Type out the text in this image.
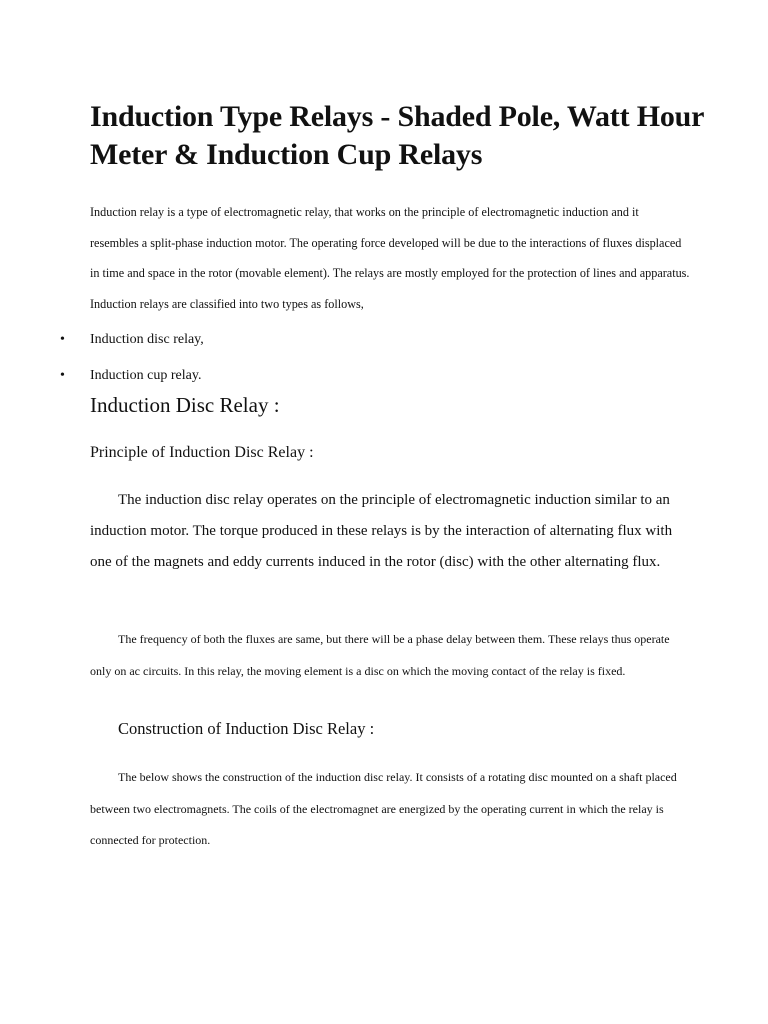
Induction Type Relays - Shaded Pole, Watt Hour Meter & Induction Cup Relays

Induction relay is a type of electromagnetic relay, that works on the principle of electromagnetic induction and it resembles a split-phase induction motor. The operating force developed will be due to the interactions of fluxes displaced in time and space in the rotor (movable element). The relays are mostly employed for the protection of lines and apparatus. Induction relays are classified into two types as follows,

• Induction disc relay,
• Induction cup relay.
Induction Disc Relay :
Principle of Induction Disc Relay :

The induction disc relay operates on the principle of electromagnetic induction similar to an induction motor. The torque produced in these relays is by the interaction of alternating flux with one of the magnets and eddy currents induced in the rotor (disc) with the other alternating flux.

The frequency of both the fluxes are same, but there will be a phase delay between them. These relays thus operate only on ac circuits. In this relay, the moving element is a disc on which the moving contact of the relay is fixed.

Construction of Induction Disc Relay :

The below shows the construction of the induction disc relay. It consists of a rotating disc mounted on a shaft placed between two electromagnets. The coils of the electromagnet are energized by the operating current in which the relay is connected for protection.
